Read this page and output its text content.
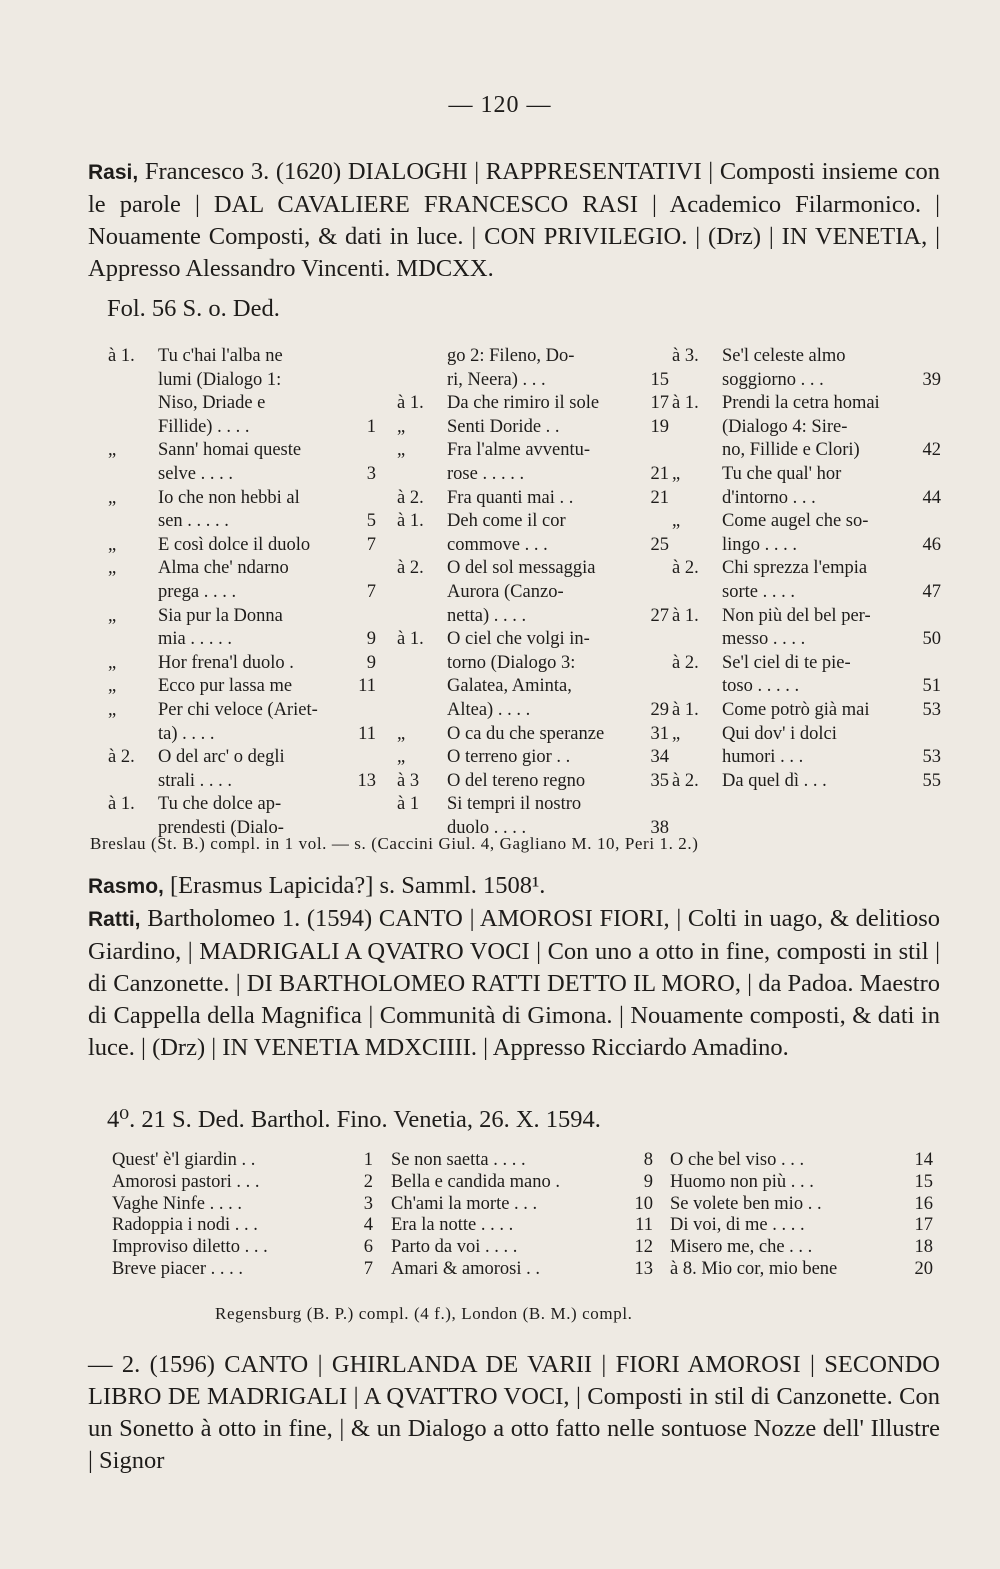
— 120 —

Rasi, Francesco 3. (1620) DIALOGHI | RAPPRESENTATIVI | Composti insieme con le parole | DAL CAVALIERE FRANCESCO RASI | Academico Filarmonico. | Nouamente Composti, & dati in luce. | CON PRIVILEGIO. | (Drz) | IN VENETIA, | Appresso Alessandro Vincenti. MDCXX.

Fol. 56 S. o. Ded.
à 1. Tu c'hai l'alba ne
lumi (Dialogo 1:
Niso, Driade e
Fillide) . . . .	1
„ Sann' homai queste
selve . . . .	3
„ Io che non hebbi al
sen . . . . .	5
„ E così dolce il duolo	7
„ Alma che' ndarno
prega . . . .	7
„ Sia pur la Donna
mia . . . . .	9
„ Hor frena'l duolo .	9
„ Ecco pur lassa me	11
„ Per chi veloce (Ariet-
ta) . . . .	11
à 2. O del arc' o degli
strali . . . .	13
à 1. Tu che dolce ap-
prendesti (Dialo-
go 2: Fileno, Do-
ri, Neera) . . .	15
à 1. Da che rimiro il sole	17
„ Senti Doride . .	19
„ Fra l'alme avventu-
rose . . . . .	21
à 2. Fra quanti mai . .	21
à 1. Deh come il cor
commove . . .	25
à 2. O del sol messaggia
Aurora (Canzo-
netta) . . . .	27
à 1. O ciel che volgi in-
torno (Dialogo 3:
Galatea, Aminta,
Altea) . . . .	29
„ O ca du che speranze	31
„ O terreno gior . .	34
à 3 O del tereno regno	35
à 1 Si tempri il nostro
duolo . . . .	38
à 3. Se'l celeste almo
soggiorno . . .	39
à 1. Prendi la cetra homai
(Dialogo 4: Sire-
no, Fillide e Clori)	42
„ Tu che qual' hor
d'intorno . . .	44
„ Come augel che so-
lingo . . . .	46
à 2. Chi sprezza l'empia
sorte . . . .	47
à 1. Non più del bel per-
messo . . . .	50
à 2. Se'l ciel di te pie-
toso . . . . .	51
à 1. Come potrò già mai	53
„ Qui dov' i dolci
humori . . .	53
à 2. Da quel dì . . .	55
Breslau (St. B.) compl. in 1 vol. — s. (Caccini Giul. 4, Gagliano M. 10, Peri 1. 2.)

Rasmo, [Erasmus Lapicida?] s. Samml. 1508¹.

Ratti, Bartholomeo 1. (1594) CANTO | AMOROSI FIORI, | Colti in uago, & delitioso Giardino, | MADRIGALI A QVATRO VOCI | Con uno a otto in fine, composti in stil | di Canzonette. | DI BARTHOLOMEO RATTI DETTO IL MORO, | da Padoa. Maestro di Cappella della Magnifica | Communità di Gimona. | Nouamente composti, & dati in luce. | (Drz) | IN VENETIA MDXCIIII. | Appresso Ricciardo Amadino.

4⁰. 21 S. Ded. Barthol. Fino. Venetia, 26. X. 1594.
Quest' è'l giardin . .	1
Amorosi pastori . . .	2
Vaghe Ninfe . . . .	3
Radoppia i nodi . . .	4
Improviso diletto . . .	6
Breve piacer . . . .	7
Se non saetta . . . .	8
Bella e candida mano .	9
Ch'ami la morte . . .	10
Era la notte . . . .	11
Parto da voi . . . .	12
Amari & amorosi . .	13
O che bel viso . . .	14
Huomo non più . . .	15
Se volete ben mio . .	16
Di voi, di me . . . .	17
Misero me, che . . .	18
à 8. Mio cor, mio bene	20
Regensburg (B. P.) compl. (4 f.), London (B. M.) compl.

— 2. (1596) CANTO | GHIRLANDA DE VARII | FIORI AMOROSI | SECONDO LIBRO DE MADRIGALI | A QVATTRO VOCI, | Composti in stil di Canzonette. Con un Sonetto à otto in fine, | & un Dialogo a otto fatto nelle sontuose Nozze dell' Illustre | Signor
